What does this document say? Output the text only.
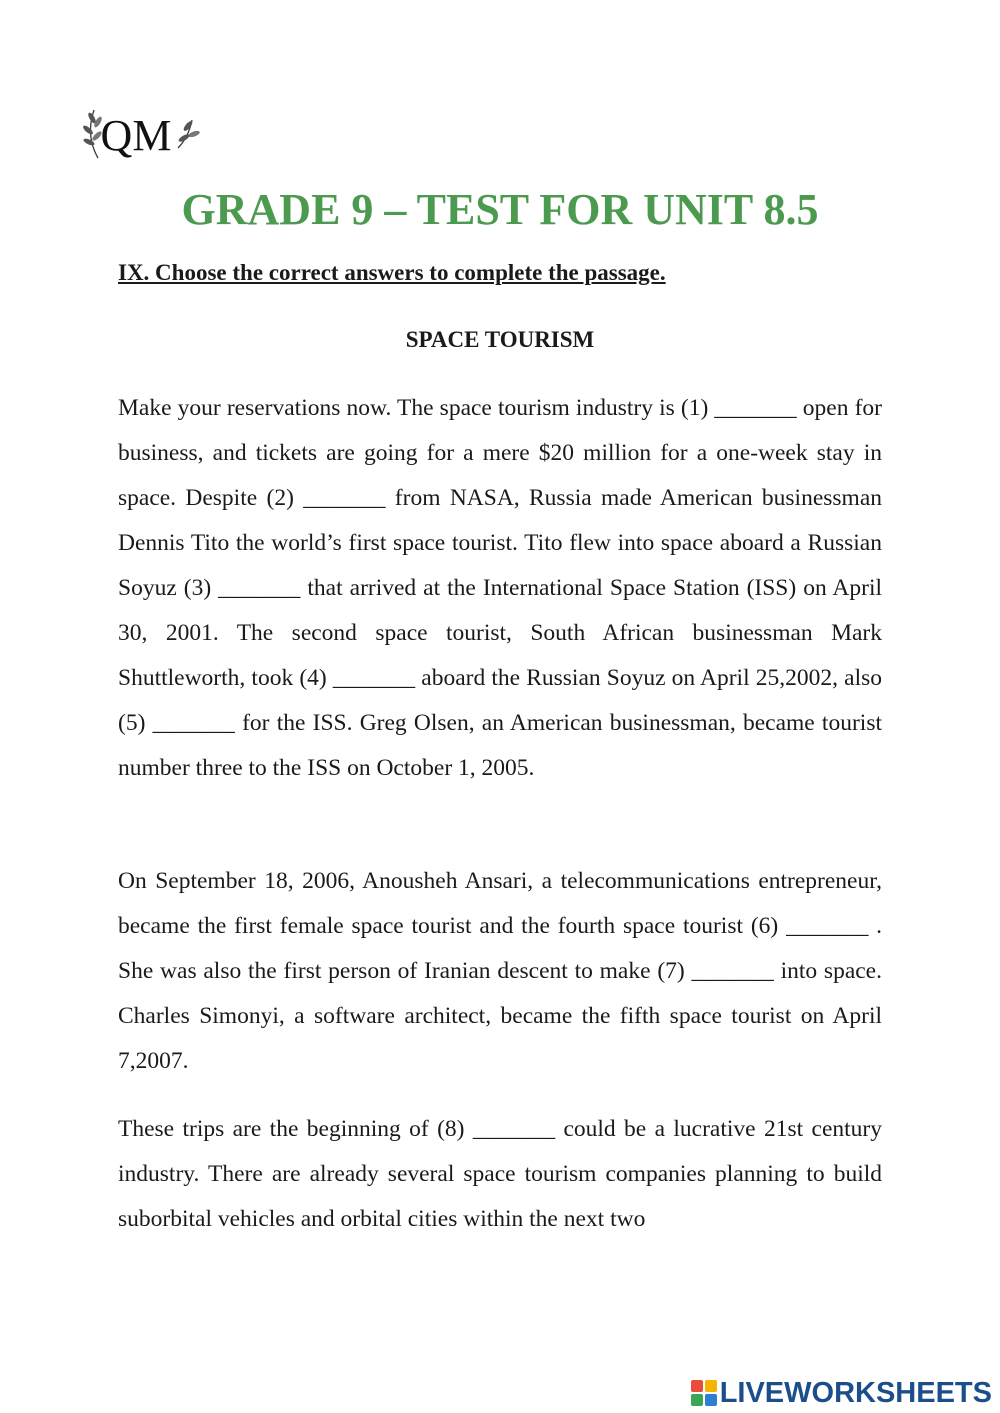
QM
GRADE 9 – TEST FOR UNIT 8.5

IX. Choose the correct answers to complete the passage.

SPACE TOURISM

Make your reservations now. The space tourism industry is (1) _______ open for business, and tickets are going for a mere $20 million for a one-week stay in space. Despite (2) _______ from NASA, Russia made American businessman Dennis Tito the world’s first space tourist. Tito flew into space aboard a Russian Soyuz (3) _______ that arrived at the International Space Station (ISS) on April 30, 2001. The second space tourist, South African businessman Mark Shuttleworth, took (4) _______ aboard the Russian Soyuz on April 25,2002, also (5) _______ for the ISS. Greg Olsen, an American businessman, became tourist number three to the ISS on October 1, 2005.

On September 18, 2006, Anousheh Ansari, a telecommunications entrepreneur, became the first female space tourist and the fourth space tourist (6) _______ . She was also the first person of Iranian descent to make (7) _______ into space. Charles Simonyi, a software architect, became the fifth space tourist on April 7,2007.

These trips are the beginning of (8) _______ could be a lucrative 21st century industry. There are already several space tourism companies planning to build suborbital vehicles and orbital cities within the next two

LIVEWORKSHEETS
